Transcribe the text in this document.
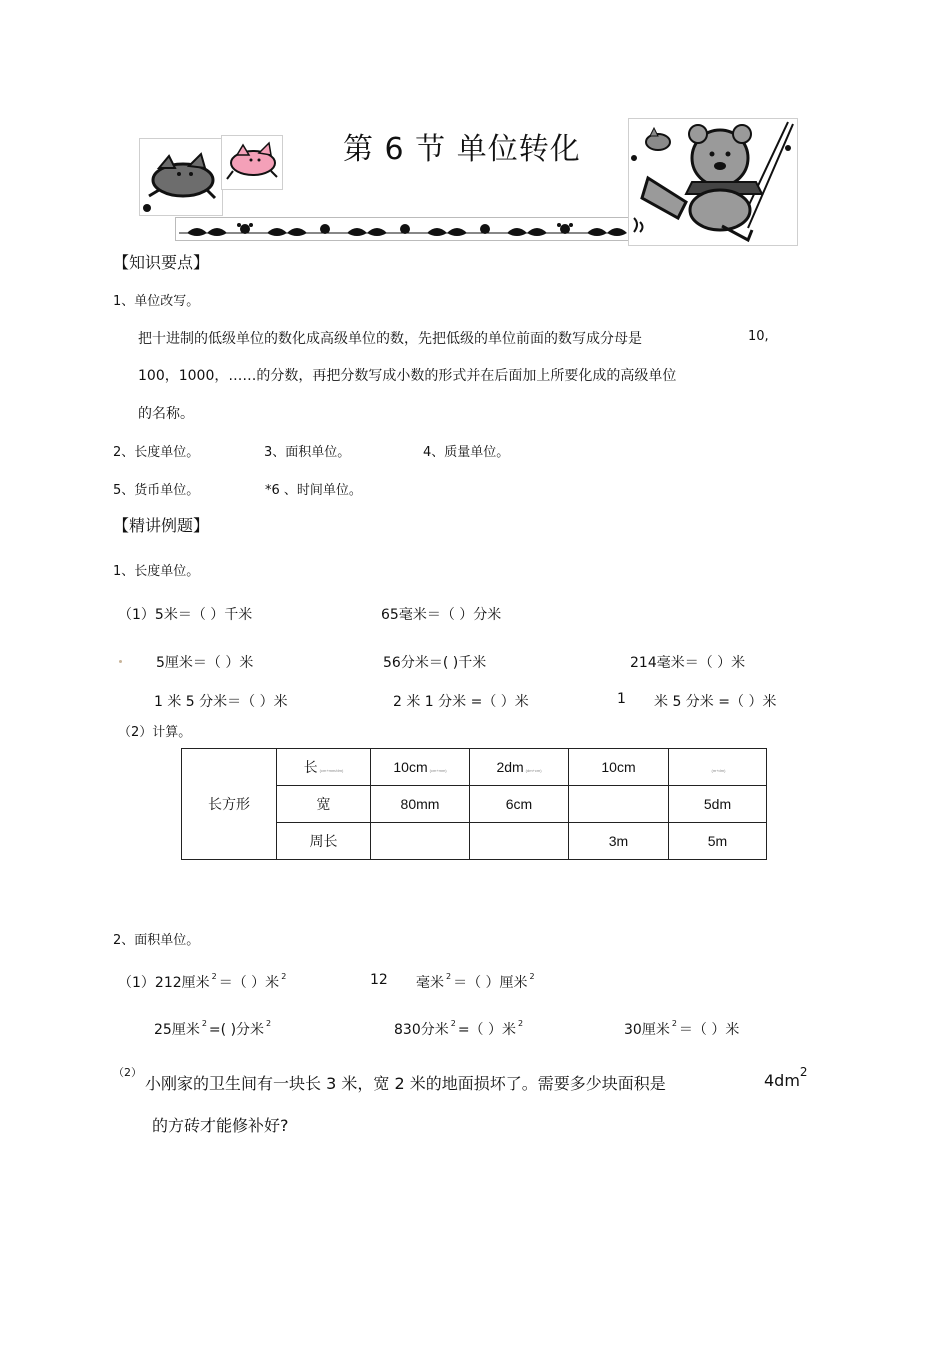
第 6 节 单位转化
【知识要点】
1、单位改写。
把十进制的低级单位的数化成高级单位的数，先把低级的单位前面的数写成分母是	10,
100，1000，……的分数，再把分数写成小数的形式并在后面加上所要化成的高级单位
的名称。
2、长度单位。	3、面积单位。	4、质量单位。
5、货币单位。	*6 、时间单位。
【精讲例题】
1、长度单位。
（1）5米＝（ ）千米	65毫米＝（ ）分米
5厘米＝（ ）米	56分米＝( )千米	214毫米＝（ ）米
1 米 5 分米＝（ ）米	2 米 1 分米 =（ ）米	1 米 5 分米 =（ ）米
（2）计算。
长方形	长 (cm+mm/dm)	10cm (cm+mm)	2dm (dm+cm)	10cm	(m+dm)
	宽	80mm	6cm		5dm
	周长			3m	5m
2、面积单位。
（1）212厘米 $^2$ ＝（ ）米 $^2$	12 毫米 $^2$ ＝（ ）厘米 $^2$
25厘米 $^2$ =( )分米 $^2$	830分米 $^2$ =（ ）米 $^2$	30厘米 $^2$ ＝（ ）米
（2）
小刚家的卫生间有一块长 3 米，宽 2 米的地面损坏了。需要多少块面积是	$4dm^2$
的方砖才能修补好?
